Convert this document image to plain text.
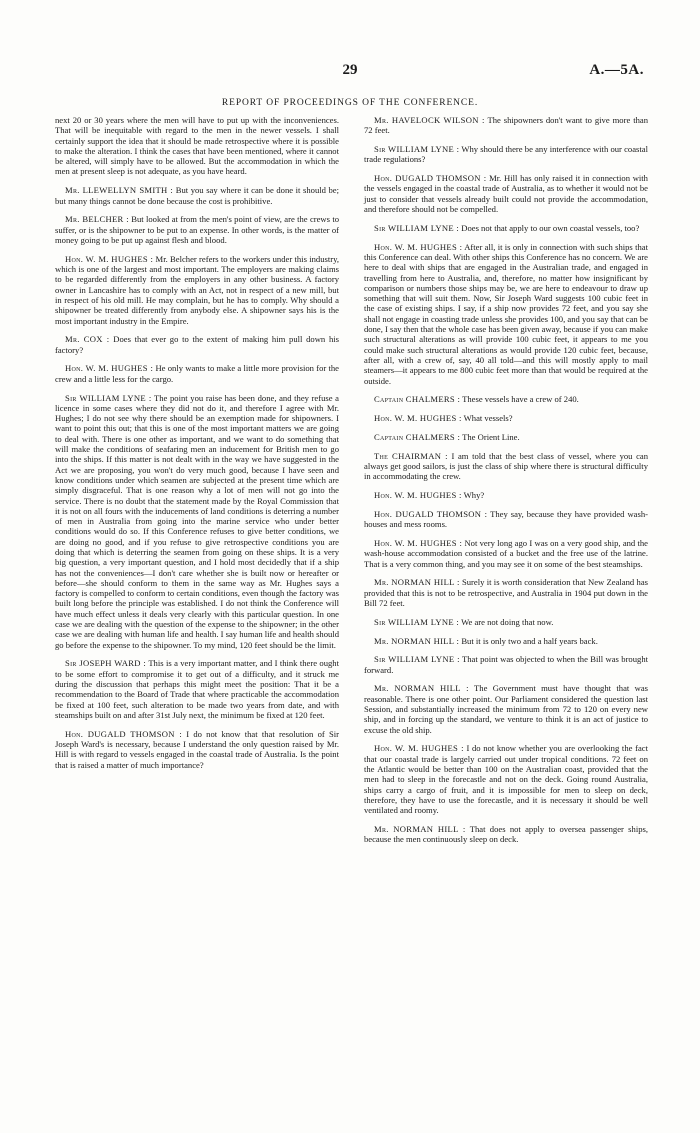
29	A.—5A.
REPORT OF PROCEEDINGS OF THE CONFERENCE.

next 20 or 30 years where the men will have to put up with the inconveniences. That will be inequitable with regard to the men in the newer vessels. I shall certainly support the idea that it should be made retrospective where it is possible to make the alteration. I think the cases that have been mentioned, where it cannot be altered, will simply have to be allowed. But the accommodation in which the men at present sleep is not adequate, as you have heard.

Mr. LLEWELLYN SMITH : But you say where it can be done it should be; but many things cannot be done because the cost is prohibitive.

Mr. BELCHER : But looked at from the men's point of view, are the crews to suffer, or is the shipowner to be put to an expense. In other words, is the matter of money going to be put up against flesh and blood.

Hon. W. M. HUGHES : Mr. Belcher refers to the workers under this industry, which is one of the largest and most important. The employers are making claims to be regarded differently from the employers in any other business. A factory owner in Lancashire has to comply with an Act, not in respect of a new mill, but in respect of his old mill. He may complain, but he has to comply. Why should a shipowner be treated differently from anybody else. A shipowner says his is the most important industry in the Empire.

Mr. COX : Does that ever go to the extent of making him pull down his factory?

Hon. W. M. HUGHES : He only wants to make a little more provision for the crew and a little less for the cargo.

Sir WILLIAM LYNE : The point you raise has been done, and they refuse a licence in some cases where they did not do it, and therefore I agree with Mr. Hughes; I do not see why there should be an exemption made for shipowners. I want to point this out; that this is one of the most important matters we are going to deal with. There is one other as important, and we want to do something that will make the conditions of seafaring men an inducement for British men to go into the ships. If this matter is not dealt with in the way we have suggested in the Act we are proposing, you won't do very much good, because I have seen and know conditions under which seamen are subjected at the present time which are simply disgraceful. That is one reason why a lot of men will not go into the service. There is no doubt that the statement made by the Royal Commission that it is not on all fours with the inducements of land conditions is deterring a number of men in Australia from going into the marine service who under better conditions would do so. If this Conference refuses to give better conditions, we are doing no good, and if you refuse to give retrospective conditions you are doing that which is deterring the seamen from going on these ships. It is a very big question, a very important question, and I hold most decidedly that if a ship has not the conveniences—I don't care whether she is built now or hereafter or before—she should conform to them in the same way as Mr. Hughes says a factory is compelled to conform to certain conditions, even though the factory was built long before the principle was established. I do not think the Conference will have much effect unless it deals very clearly with this particular question. In one case we are dealing with the question of the expense to the shipowner; in the other case we are dealing with human life and health. I say human life and health should go before the expense to the shipowner. To my mind, 120 feet should be the limit.

Sir JOSEPH WARD : This is a very important matter, and I think there ought to be some effort to compromise it to get out of a difficulty, and it struck me during the discussion that perhaps this might meet the position: That it be a recommendation to the Board of Trade that where practicable the accommodation be fixed at 100 feet, such alteration to be made two years from date, and with steamships built on and after 31st July next, the minimum be fixed at 120 feet.

Hon. DUGALD THOMSON : I do not know that that resolution of Sir Joseph Ward's is necessary, because I understand the only question raised by Mr. Hill is with regard to vessels engaged in the coastal trade of Australia. Is the point that is raised a matter of much importance?

Mr. HAVELOCK WILSON : The shipowners don't want to give more than 72 feet.

Sir WILLIAM LYNE : Why should there be any interference with our coastal trade regulations?

Hon. DUGALD THOMSON : Mr. Hill has only raised it in connection with the vessels engaged in the coastal trade of Australia, as to whether it would not be just to consider that vessels already built could not provide the accommodation, and therefore should not be compelled.

Sir WILLIAM LYNE : Does not that apply to our own coastal vessels, too?

Hon. W. M. HUGHES : After all, it is only in connection with such ships that this Conference can deal. With other ships this Conference has no concern. We are here to deal with ships that are engaged in the Australian trade, and engaged in travelling from here to Australia, and, therefore, no matter how insignificant by comparison or numbers those ships may be, we are here to endeavour to draw up something that will suit them. Now, Sir Joseph Ward suggests 100 cubic feet in the case of existing ships. I say, if a ship now provides 72 feet, and you say she shall not engage in coasting trade unless she provides 100, and you say that can be done, I say then that the whole case has been given away, because if you can make such structural alterations as will provide 100 cubic feet, it appears to me you could make such structural alterations as would provide 120 cubic feet, because, after all, with a crew of, say, 40 all told—and this will mostly apply to mail steamers—it appears to me 800 cubic feet more than that would be required at the outside.

Captain CHALMERS : These vessels have a crew of 240.

Hon. W. M. HUGHES : What vessels?

Captain CHALMERS : The Orient Line.

The CHAIRMAN : I am told that the best class of vessel, where you can always get good sailors, is just the class of ship where there is structural difficulty in accommodating the crew.

Hon. W. M. HUGHES : Why?

Hon. DUGALD THOMSON : They say, because they have provided wash-houses and mess rooms.

Hon. W. M. HUGHES : Not very long ago I was on a very good ship, and the wash-house accommodation consisted of a bucket and the free use of the latrine. That is a very common thing, and you may see it on some of the best steamships.

Mr. NORMAN HILL : Surely it is worth consideration that New Zealand has provided that this is not to be retrospective, and Australia in 1904 put down in the Bill 72 feet.

Sir WILLIAM LYNE : We are not doing that now.

Mr. NORMAN HILL : But it is only two and a half years back.

Sir WILLIAM LYNE : That point was objected to when the Bill was brought forward.

Mr. NORMAN HILL : The Government must have thought that was reasonable. There is one other point. Our Parliament considered the question last Session, and substantially increased the minimum from 72 to 120 on every new ship, and in forcing up the standard, we venture to think it is an act of justice to excuse the old ship.

Hon. W. M. HUGHES : I do not know whether you are overlooking the fact that our coastal trade is largely carried out under tropical conditions. 72 feet on the Atlantic would be better than 100 on the Australian coast, provided that the men had to sleep in the forecastle and not on the deck. Going round Australia, ships carry a cargo of fruit, and it is impossible for men to sleep on deck, therefore, they have to use the forecastle, and it is necessary it should be well ventilated and roomy.

Mr. NORMAN HILL : That does not apply to oversea passenger ships, because the men continuously sleep on deck.
